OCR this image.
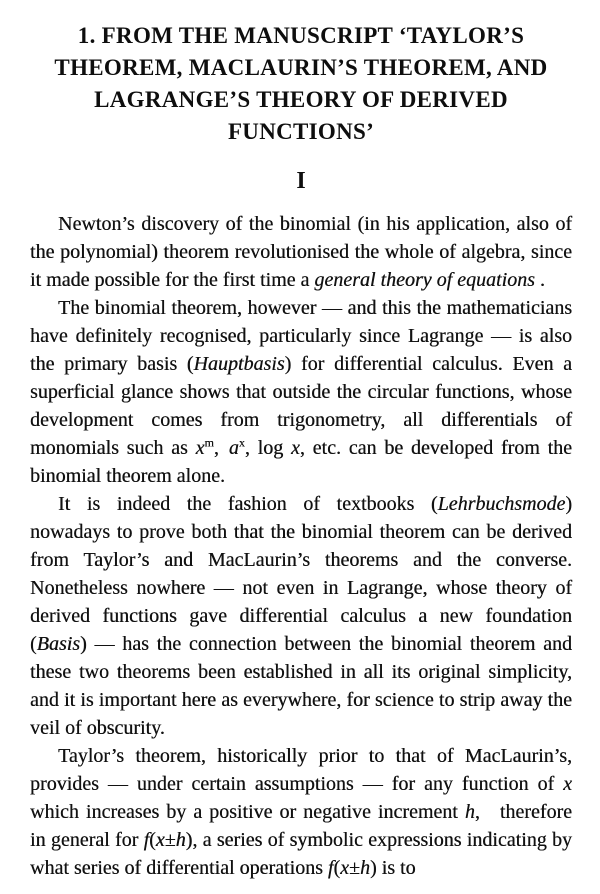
1. FROM THE MANUSCRIPT ‘TAYLOR’S
THEOREM, MACLAURIN’S THEOREM, AND
LAGRANGE’S THEORY OF DERIVED
FUNCTIONS’
I

Newton’s discovery of the binomial (in his application, also of the polynomial) theorem revolutionised the whole of algebra, since it made possible for the first time a general theory of equations .

The binomial theorem, however — and this the mathematicians have definitely recognised, particularly since Lagrange — is also the primary basis (Hauptbasis) for differential calculus. Even a superficial glance shows that outside the circular functions, whose development comes from trigonometry, all differentials of monomials such as $x^m$, $a^x$, log x, etc. can be developed from the binomial theorem alone.

It is indeed the fashion of textbooks (Lehrbuchsmode) nowadays to prove both that the binomial theorem can be derived from Taylor’s and MacLaurin’s theorems and the converse. Nonetheless nowhere — not even in Lagrange, whose theory of derived functions gave differential calculus a new foundation (Basis) — has the connection between the binomial theorem and these two theorems been established in all its original simplicity, and it is important here as everywhere, for science to strip away the veil of obscurity.

Taylor’s theorem, historically prior to that of MacLaurin’s, provides — under certain assumptions — for any function of x which increases by a positive or negative increment h, therefore in general for f(x±h), a series of symbolic expressions indicating by what series of differential operations f(x±h) is to
